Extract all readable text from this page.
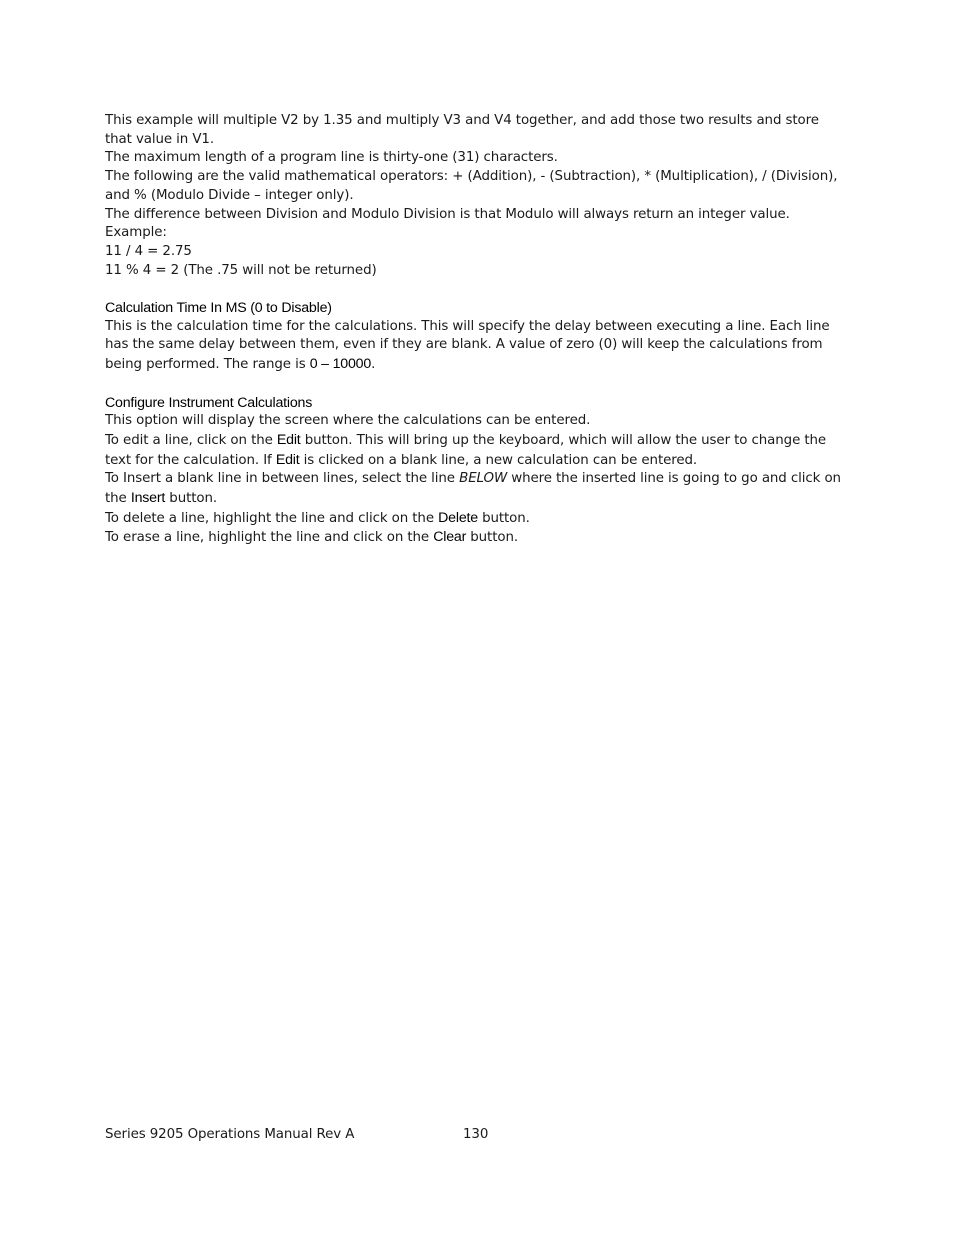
This example will multiple V2 by 1.35 and multiply V3 and V4 together, and add those two results and store that value in V1.

The maximum length of a program line is thirty-one (31) characters.

The following are the valid mathematical operators: + (Addition), - (Subtraction), * (Multiplication), / (Division), and % (Modulo Divide – integer only).

The difference between Division and Modulo Division is that Modulo will always return an integer value.

Example:

11 / 4 = 2.75

11 % 4 = 2 (The .75 will not be returned)

Calculation Time In MS (0 to Disable)

This is the calculation time for the calculations. This will specify the delay between executing a line. Each line has the same delay between them, even if they are blank. A value of zero (0) will keep the calculations from being performed. The range is 0 – 10000.

Configure Instrument Calculations

This option will display the screen where the calculations can be entered.

To edit a line, click on the Edit button. This will bring up the keyboard, which will allow the user to change the text for the calculation. If Edit is clicked on a blank line, a new calculation can be entered.

To Insert a blank line in between lines, select the line BELOW where the inserted line is going to go and click on the Insert button.

To delete a line, highlight the line and click on the Delete button.

To erase a line, highlight the line and click on the Clear button.

Series 9205 Operations Manual Rev A	130
